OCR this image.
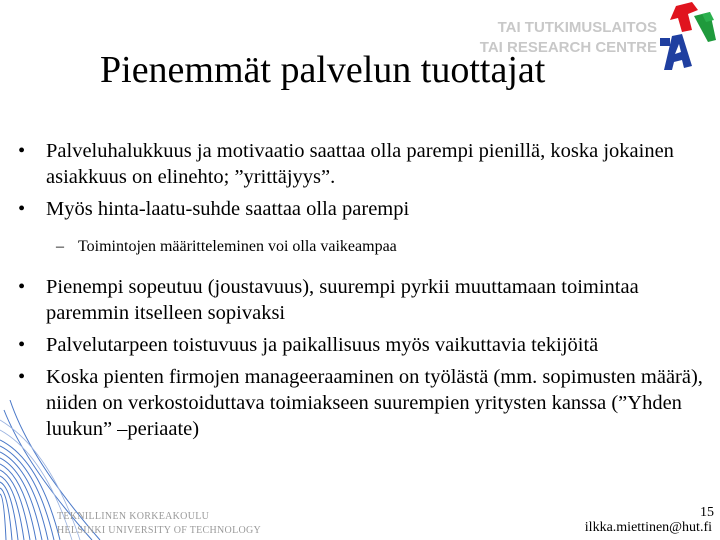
TAI TUTKIMUSLAITOS
TAI RESEARCH CENTRE
Pienemmät palvelun tuottajat
• Palveluhalukkuus ja motivaatio saattaa olla parempi pienillä, koska jokainen asiakkuus on elinehto; ”yrittäjyys”.
• Myös hinta-laatu-suhde saattaa olla parempi
– Toimintojen määritteleminen voi olla vaikeampaa
• Pienempi sopeutuu (joustavuus), suurempi pyrkii muuttamaan toimintaa paremmin itselleen sopivaksi
• Palvelutarpeen toistuvuus ja paikallisuus myös vaikuttavia tekijöitä
• Koska pienten firmojen manageeraaminen on työlästä (mm. sopimusten määrä), niiden on verkostoiduttava toimiakseen suurempien yritysten kanssa (”Yhden luukun” –periaate)
TEKNILLINEN KORKEAKOULU
HELSINKI UNIVERSITY OF TECHNOLOGY
15
ilkka.miettinen@hut.fi
